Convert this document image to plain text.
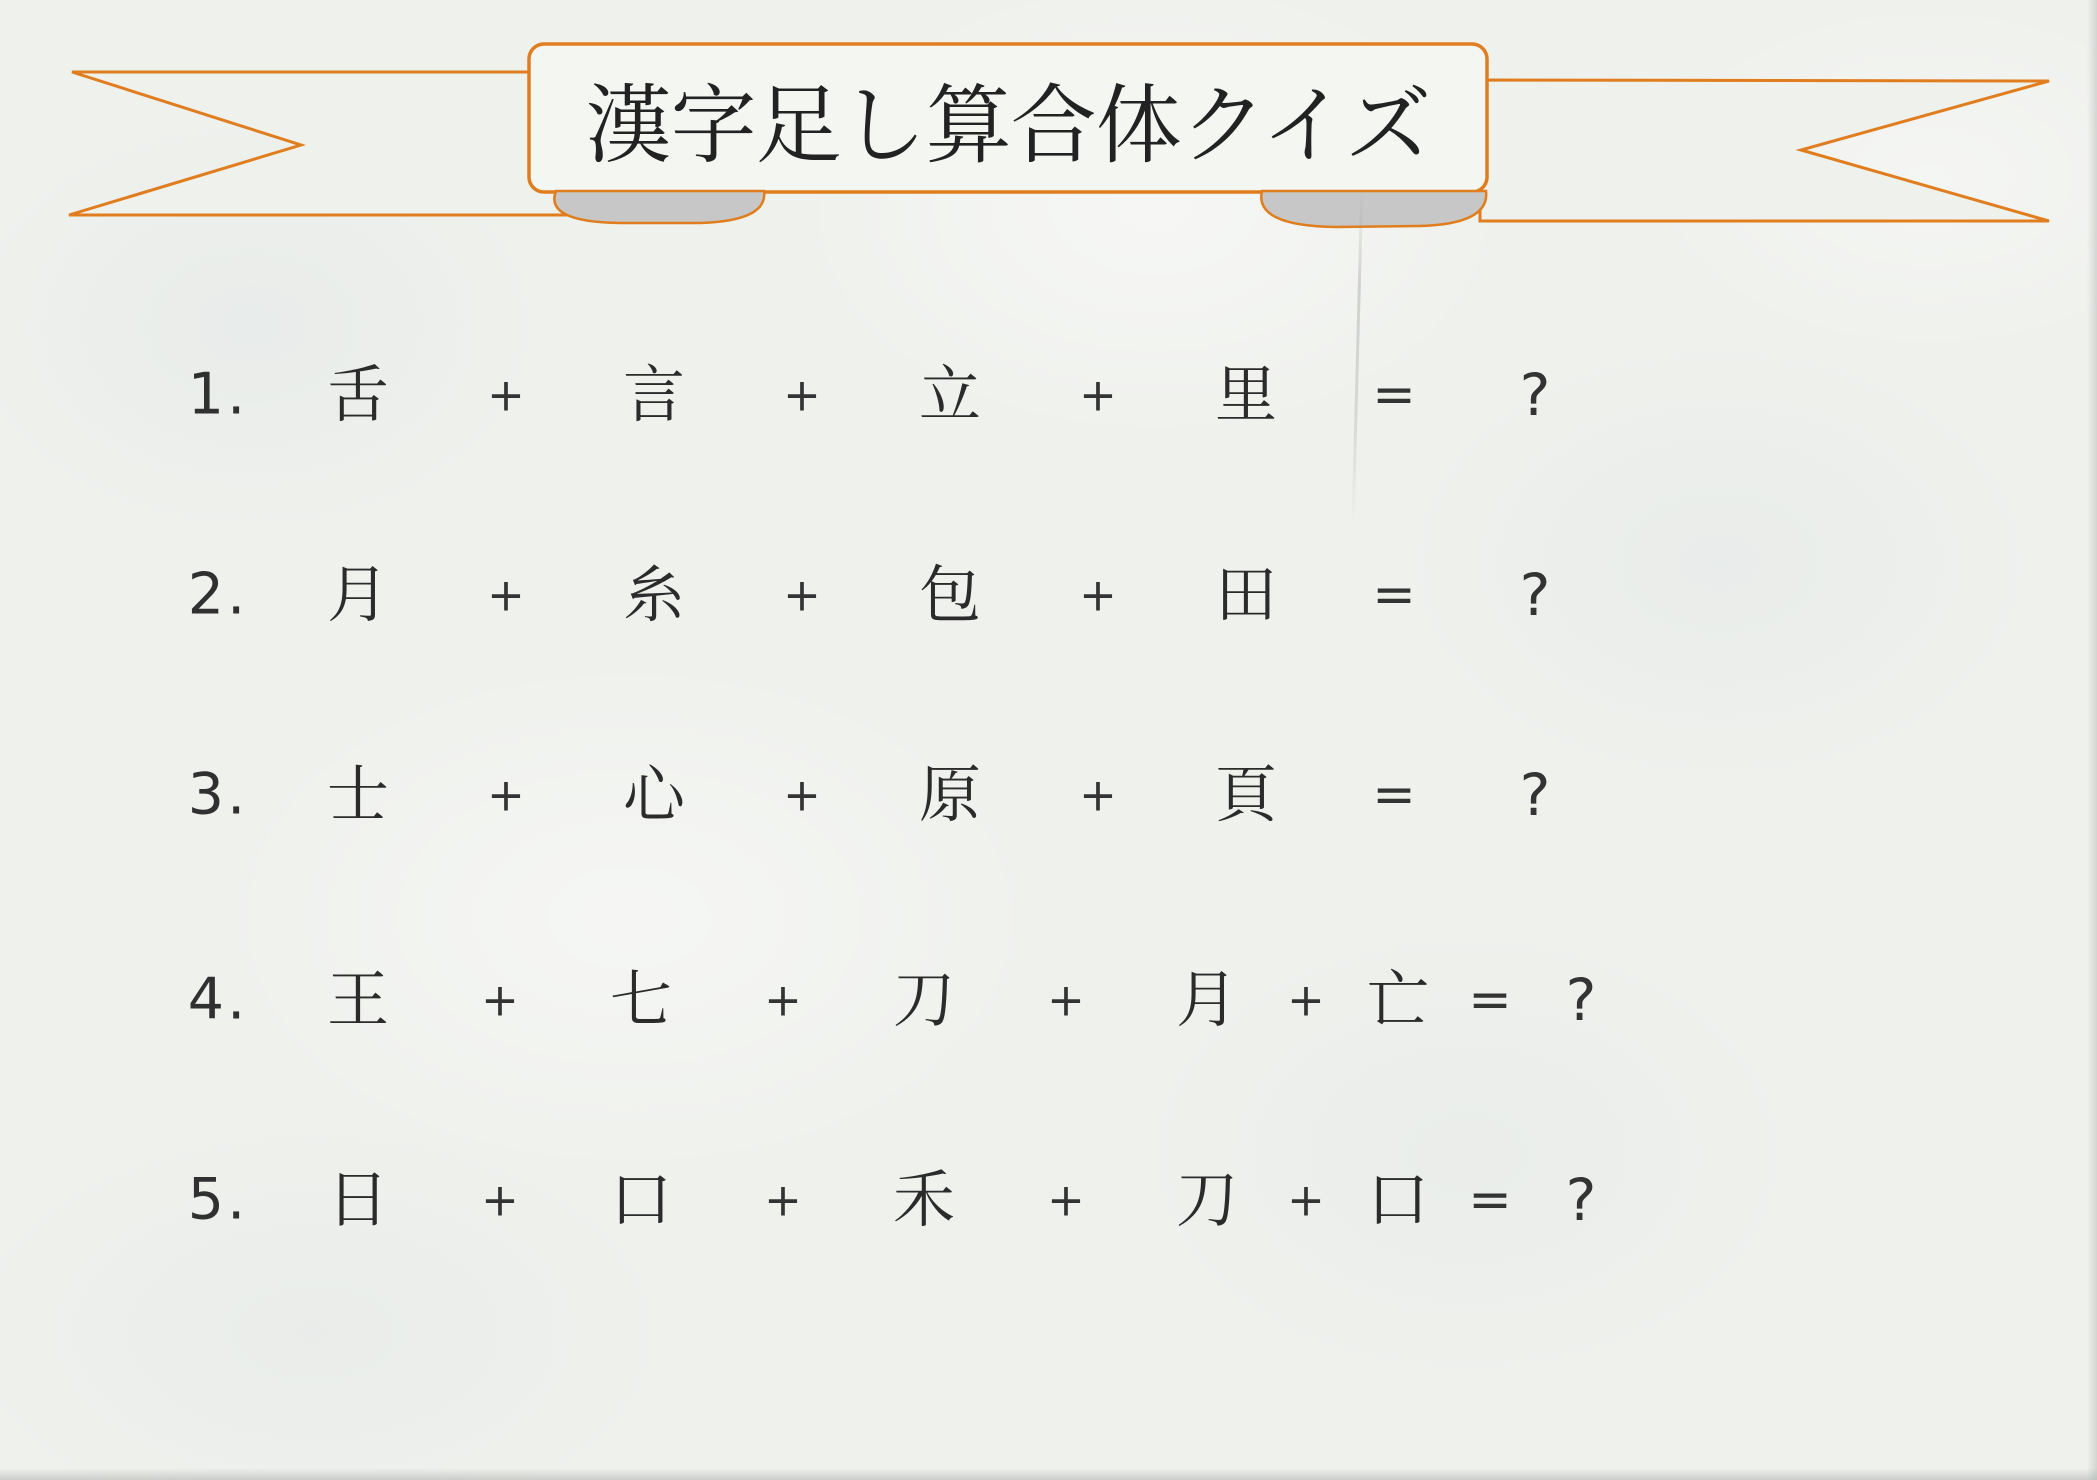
漢字足し算合体クイズ
1. 舌 + 言 + 立 + 里 = ?
2. 月 + 糸 + 包 + 田 = ?
3. 士 + 心 + 原 + 頁 = ?
4. 王 + 七 + 刀 + 月 + 亡 = ?
5. 日 + 口 + 禾 + 刀 + 口 = ?
